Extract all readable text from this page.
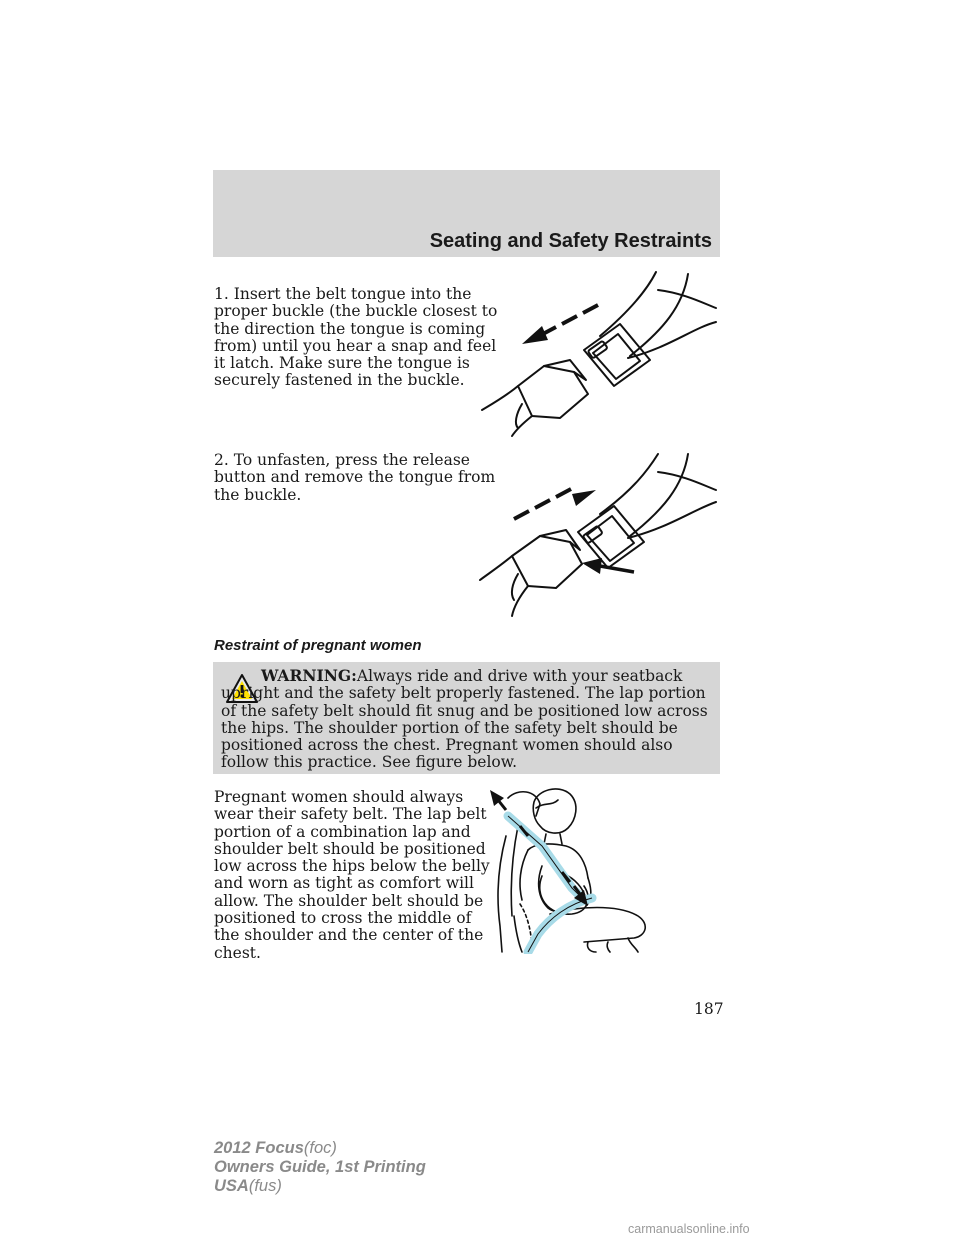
Seating and Safety Restraints

1. Insert the belt tongue into the
proper buckle (the buckle closest to
the direction the tongue is coming
from) until you hear a snap and feel
it latch. Make sure the tongue is
securely fastened in the buckle.

2. To unfasten, press the release
button and remove the tongue from
the buckle.

Restraint of pregnant women

WARNING:Always ride and drive with your seatback upright and the safety belt properly fastened. The lap portion of the safety belt should fit snug and be positioned low across the hips. The shoulder portion of the safety belt should be positioned across the chest. Pregnant women should also follow this practice. See figure below.

Pregnant women should always
wear their safety belt. The lap belt
portion of a combination lap and
shoulder belt should be positioned
low across the hips below the belly
and worn as tight as comfort will
allow. The shoulder belt should be
positioned to cross the middle of
the shoulder and the center of the
chest.

187

2012 Focus(foc)
Owners Guide, 1st Printing
USA(fus)
carmanualsonline.info
